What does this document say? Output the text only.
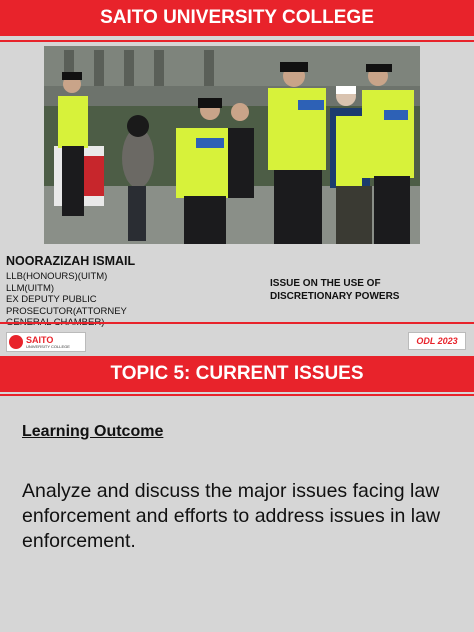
SAITO UNIVERSITY COLLEGE
NOORAZIZAH ISMAIL
LLB(HONOURS)(UITM)
LLM(UITM)
EX DEPUTY PUBLIC
PROSECUTOR(ATTORNEY
ISSUE ON THE USE OF
DISCRETIONARY POWERS
SAITO
UNIVERSITY COLLEGE	ODL 2023
TOPIC 5: CURRENT ISSUES
Learning Outcome
Analyze and discuss the major issues facing law enforcement and efforts to address issues in law enforcement.
